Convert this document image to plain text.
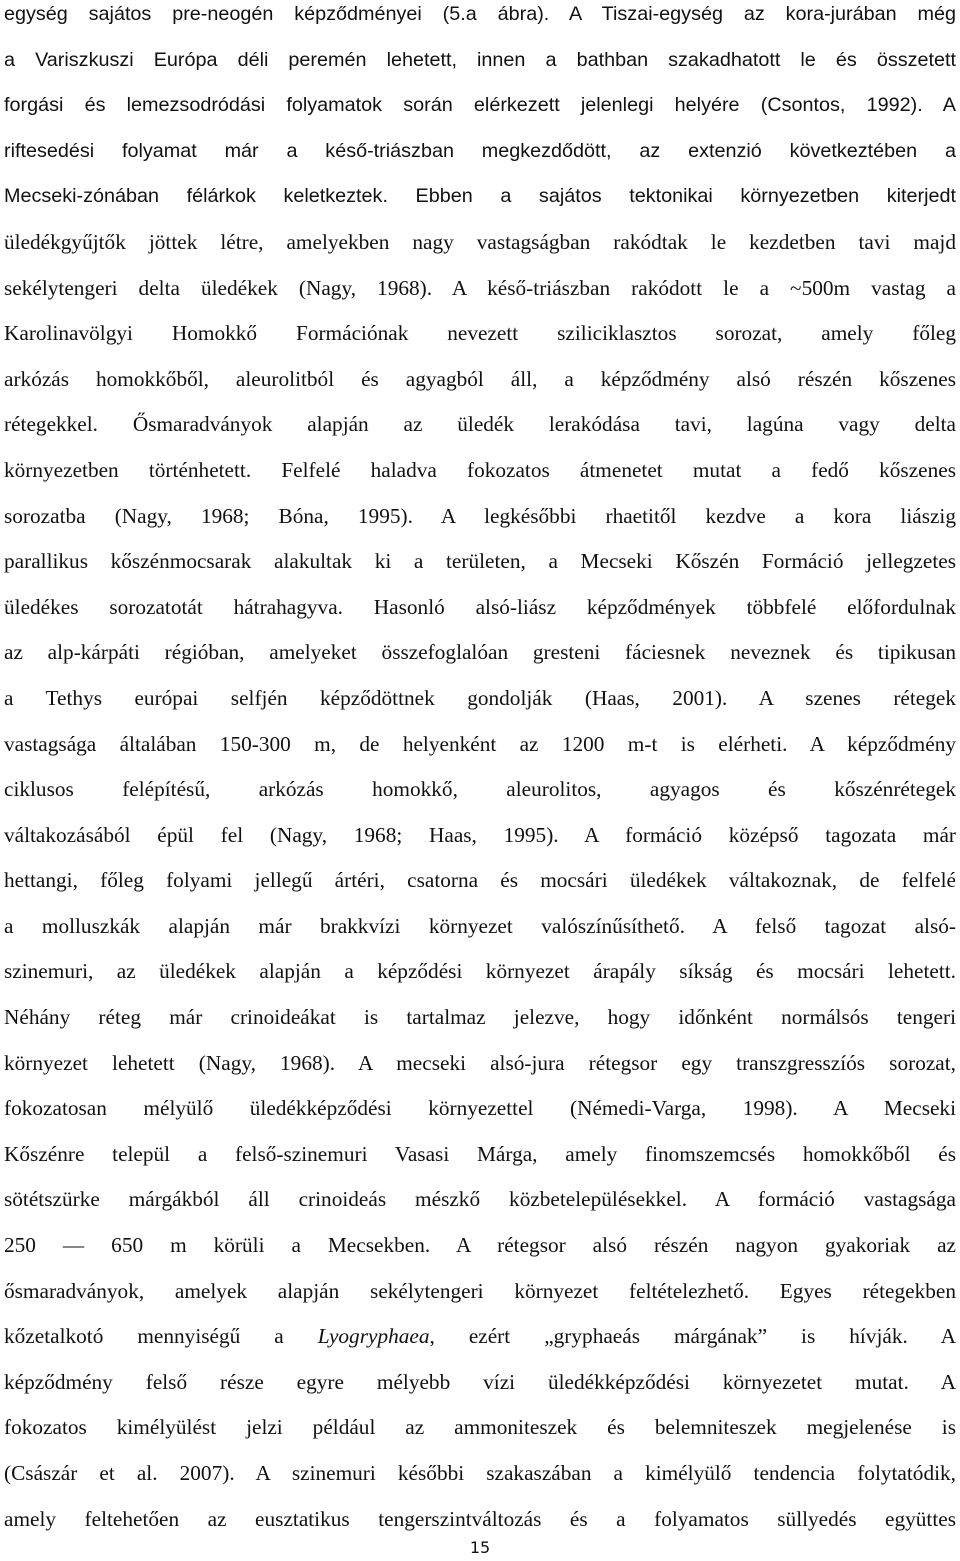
egység sajátos pre-neogén képződményei (5.a ábra). A Tiszai-egység az kora-jurában még
a Variszkuszi Európa déli peremén lehetett, innen a bathban szakadhatott le és összetett
forgási és lemezsodródási folyamatok során elérkezett jelenlegi helyére (Csontos, 1992). A
riftesedési folyamat már a késő-triászban megkezdődött, az extenzió következtében a
Mecseki-zónában félárkok keletkeztek. Ebben a sajátos tektonikai környezetben kiterjedt
üledékgyűjtők jöttek létre, amelyekben nagy vastagságban rakódtak le kezdetben tavi majd
sekélytengeri delta üledékek (Nagy, 1968). A késő-triászban rakódott le a ~500m vastag a
Karolinavölgyi Homokkő Formációnak nevezett sziliciklasztos sorozat, amely főleg
arkózás homokkőből, aleurolitból és agyagból áll, a képződmény alsó részén kőszenes
rétegekkel. Ősmaradványok alapján az üledék lerakódása tavi, lagúna vagy delta
környezetben történhetett. Felfelé haladva fokozatos átmenetet mutat a fedő kőszenes
sorozatba (Nagy, 1968; Bóna, 1995). A legkésőbbi rhaetitől kezdve a kora liászig
parallikus kőszénmocsarak alakultak ki a területen, a Mecseki Kőszén Formáció jellegzetes
üledékes sorozatotát hátrahagyva. Hasonló alsó-liász képződmények többfelé előfordulnak
az alp-kárpáti régióban, amelyeket összefoglalóan gresteni fáciesnek neveznek és tipikusan
a Tethys európai selfjén képződöttnek gondolják (Haas, 2001). A szenes rétegek
vastagsága általában 150-300 m, de helyenként az 1200 m-t is elérheti. A képződmény
ciklusos felépítésű, arkózás homokkő, aleurolitos, agyagos és kőszénrétegek
váltakozásából épül fel (Nagy, 1968; Haas, 1995). A formáció középső tagozata már
hettangi, főleg folyami jellegű ártéri, csatorna és mocsári üledékek váltakoznak, de felfelé
a molluszkák alapján már brakkvízi környezet valószínűsíthető. A felső tagozat alsó-
szinemuri, az üledékek alapján a képződési környezet árapály síkság és mocsári lehetett.
Néhány réteg már crinoideákat is tartalmaz jelezve, hogy időnként normálsós tengeri
környezet lehetett (Nagy, 1968). A mecseki alsó-jura rétegsor egy transzgresszíós sorozat,
fokozatosan mélyülő üledékképződési környezettel (Némedi-Varga, 1998). A Mecseki
Kőszénre települ a felső-szinemuri Vasasi Márga, amely finomszemcsés homokkőből és
sötétszürke márgákból áll crinoideás mészkő közbetelepülésekkel. A formáció vastagsága
250 ― 650 m körüli a Mecsekben. A rétegsor alsó részén nagyon gyakoriak az
ősmaradványok, amelyek alapján sekélytengeri környezet feltételezhető. Egyes rétegekben
kőzetalkotó mennyiségű a Lyogryphaea, ezért „gryphaeás márgának” is hívják. A
képződmény felső része egyre mélyebb vízi üledékképződési környezetet mutat. A
fokozatos kimélyülést jelzi például az ammoniteszek és belemniteszek megjelenése is
(Császár et al. 2007). A szinemuri későbbi szakaszában a kimélyülő tendencia folytatódik,
amely feltehetően az eusztatikus tengerszintváltozás és a folyamatos süllyedés együttes
15
